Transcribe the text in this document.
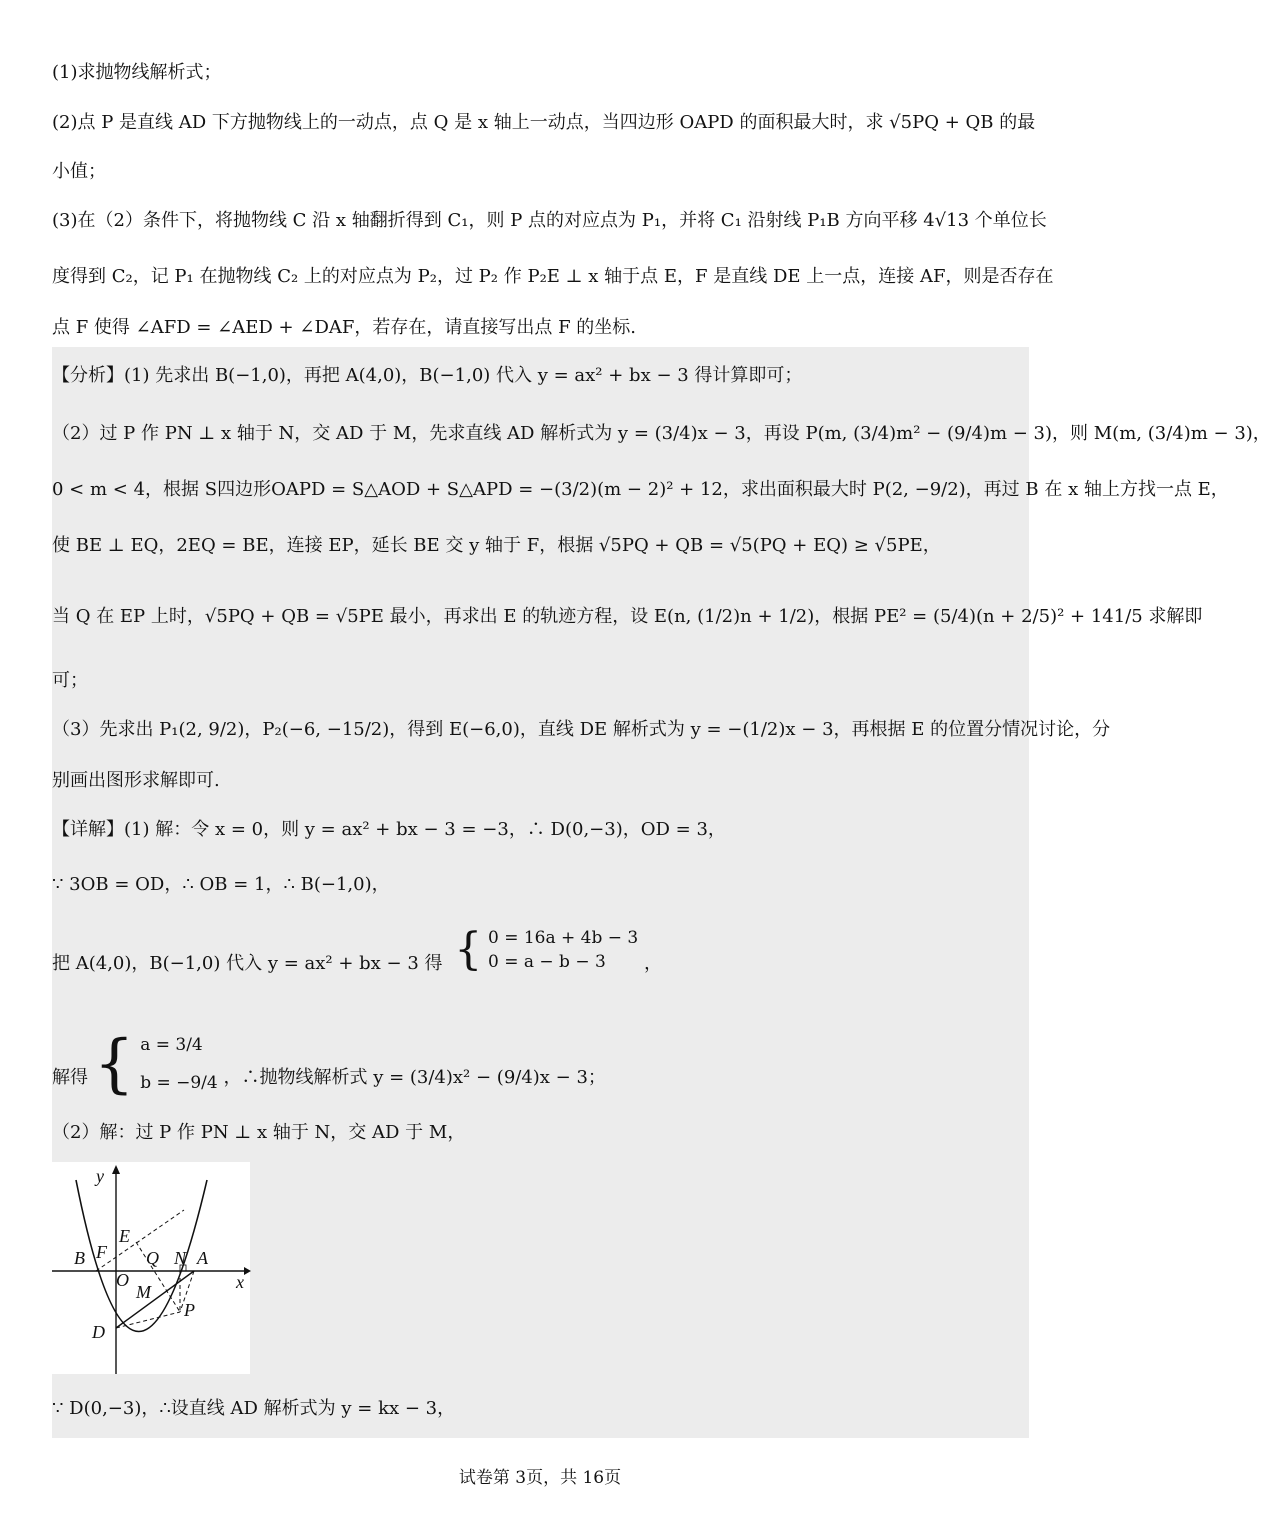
(1)求抛物线解析式；
(2)点 P 是直线 AD 下方抛物线上的一动点，点 Q 是 x 轴上一动点，当四边形 OAPD 的面积最大时，求 √5PQ + QB 的最
小值；
(3)在（2）条件下，将抛物线 C 沿 x 轴翻折得到 C₁，则 P 点的对应点为 P₁，并将 C₁ 沿射线 P₁B 方向平移 4√13 个单位长
度得到 C₂，记 P₁ 在抛物线 C₂ 上的对应点为 P₂，过 P₂ 作 P₂E ⊥ x 轴于点 E，F 是直线 DE 上一点，连接 AF，则是否存在
点 F 使得 ∠AFD = ∠AED + ∠DAF，若存在，请直接写出点 F 的坐标.
【分析】(1) 先求出 B(−1,0)，再把 A(4,0)，B(−1,0) 代入 y = ax² + bx − 3 得计算即可；
（2）过 P 作 PN ⊥ x 轴于 N，交 AD 于 M，先求直线 AD 解析式为 y = (3/4)x − 3，再设 P(m, (3/4)m² − (9/4)m − 3)，则 M(m, (3/4)m − 3)，
0 < m < 4，根据 S四边形OAPD = S△AOD + S△APD = −(3/2)(m − 2)² + 12，求出面积最大时 P(2, −9/2)，再过 B 在 x 轴上方找一点 E，
使 BE ⊥ EQ，2EQ = BE，连接 EP，延长 BE 交 y 轴于 F，根据 √5PQ + QB = √5(PQ + EQ) ≥ √5PE，
当 Q 在 EP 上时，√5PQ + QB = √5PE 最小，再求出 E 的轨迹方程，设 E(n, (1/2)n + 1/2)，根据 PE² = (5/4)(n + 2/5)² + 141/5 求解即
可；
（3）先求出 P₁(2, 9/2)，P₂(−6, −15/2)，得到 E(−6,0)，直线 DE 解析式为 y = −(1/2)x − 3，再根据 E 的位置分情况讨论，分
别画出图形求解即可.
【详解】(1) 解：令 x = 0，则 y = ax² + bx − 3 = −3，∴ D(0,−3)，OD = 3，
∵ 3OB = OD，∴ OB = 1，∴ B(−1,0)，
把 A(4,0)，B(−1,0) 代入 y = ax² + bx − 3 得 { 0 = 16a + 4b − 3
0 = a − b − 3	，
解得 { a = 3/4
b = −9/4 ，∴抛物线解析式 y = (3/4)x² − (9/4)x − 3；
（2）解：过 P 作 PN ⊥ x 轴于 N，交 AD 于 M，
y
x
O
B F
E
Q N A
M
P
D
∵ D(0,−3)，∴设直线 AD 解析式为 y = kx − 3，
试卷第 3页，共 16页
